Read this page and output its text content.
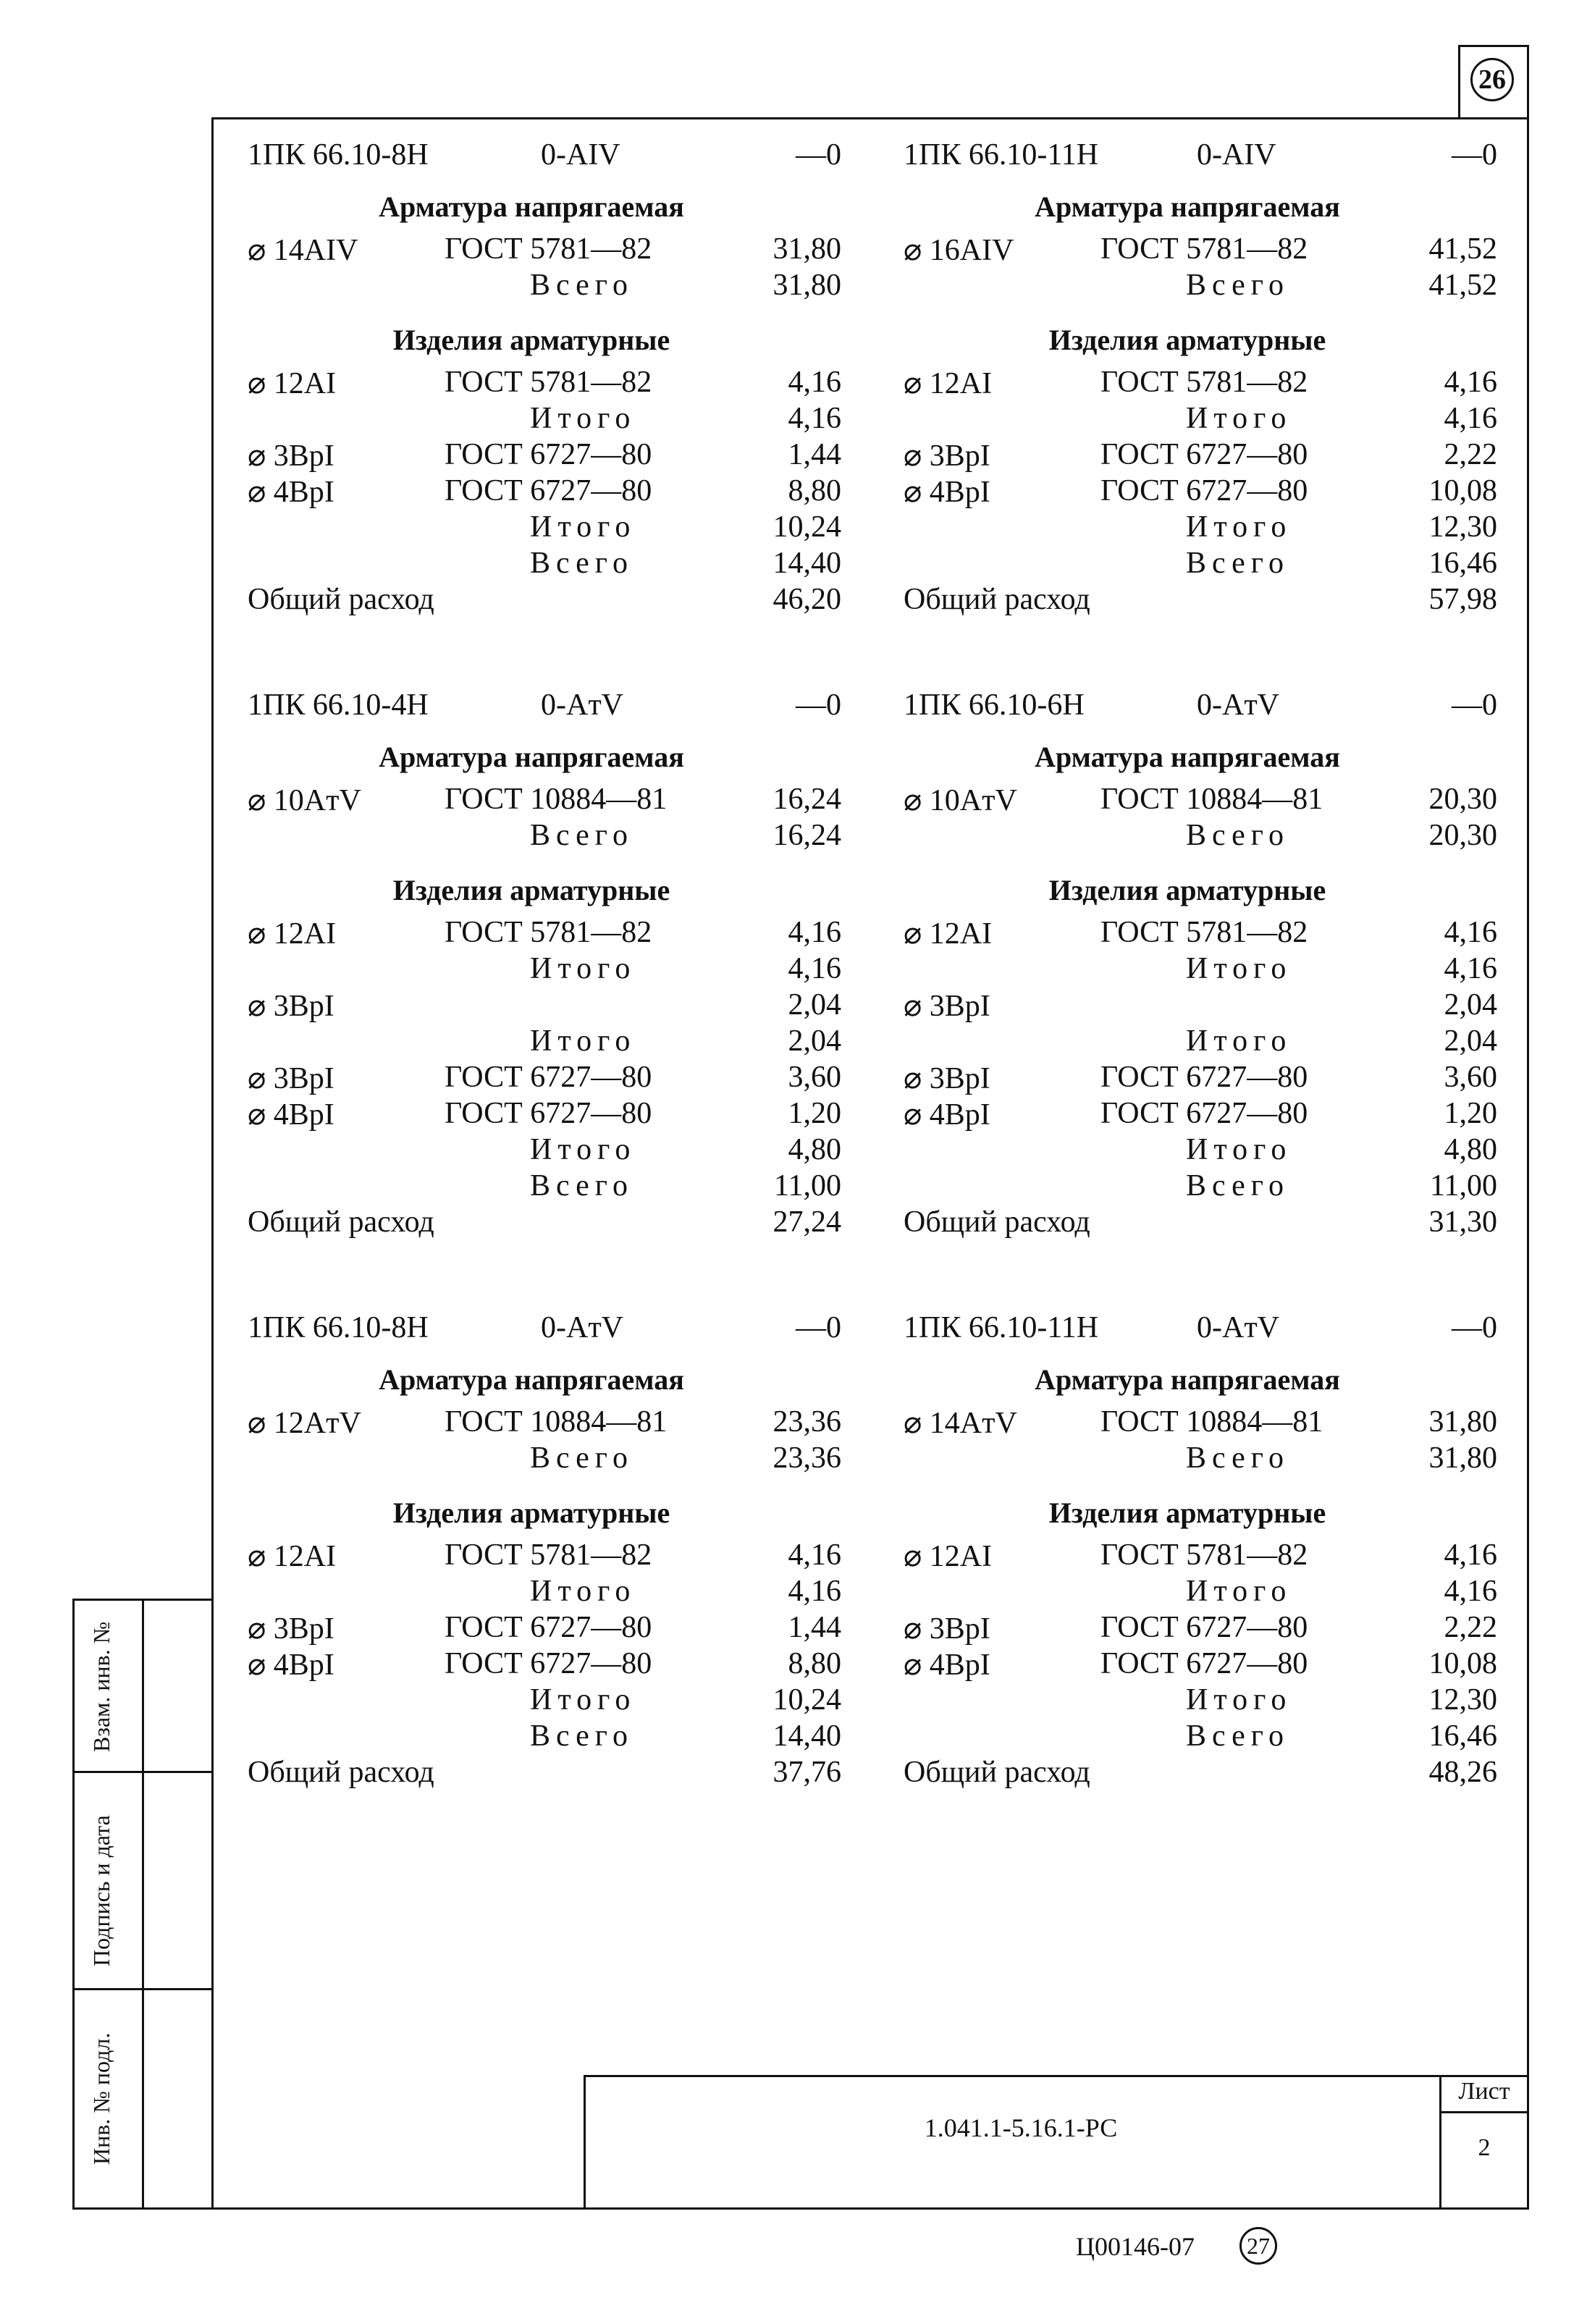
26
Взам. инв. №
Подпись и дата
Инв. № подл.	Лист
2
1.041.1-5.16.1-РС
Ц00146-07	27
1ПК 66.10-8Н	0-AIV	—0
Арматура напрягаемая
⌀ 14AIV	ГОСТ 5781—82	31,80
Всего	31,80
Изделия арматурные
⌀ 12AI	ГОСТ 5781—82	4,16
Итого	4,16
⌀ 3BpI	ГОСТ 6727—80	1,44
⌀ 4BpI	ГОСТ 6727—80	8,80
Итого	10,24
Всего	14,40
Общий расход	46,20
1ПК 66.10-11Н	0-AIV	—0
Арматура напрягаемая
⌀ 16AIV	ГОСТ 5781—82	41,52
Всего	41,52
Изделия арматурные
⌀ 12AI	ГОСТ 5781—82	4,16
Итого	4,16
⌀ 3BpI	ГОСТ 6727—80	2,22
⌀ 4BpI	ГОСТ 6727—80	10,08
Итого	12,30
Всего	16,46
Общий расход	57,98
1ПК 66.10-4Н	0-AтV	—0
Арматура напрягаемая
⌀ 10AтV	ГОСТ 10884—81	16,24
Всего	16,24
Изделия арматурные
⌀ 12AI	ГОСТ 5781—82	4,16
Итого	4,16
⌀ 3BpI	2,04
Итого	2,04
⌀ 3BpI	ГОСТ 6727—80	3,60
⌀ 4BpI	ГОСТ 6727—80	1,20
Итого	4,80
Всего	11,00
Общий расход	27,24
1ПК 66.10-6Н	0-AтV	—0
Арматура напрягаемая
⌀ 10AтV	ГОСТ 10884—81	20,30
Всего	20,30
Изделия арматурные
⌀ 12AI	ГОСТ 5781—82	4,16
Итого	4,16
⌀ 3BpI	2,04
Итого	2,04
⌀ 3BpI	ГОСТ 6727—80	3,60
⌀ 4BpI	ГОСТ 6727—80	1,20
Итого	4,80
Всего	11,00
Общий расход	31,30
1ПК 66.10-8Н	0-AтV	—0
Арматура напрягаемая
⌀ 12AтV	ГОСТ 10884—81	23,36
Всего	23,36
Изделия арматурные
⌀ 12AI	ГОСТ 5781—82	4,16
Итого	4,16
⌀ 3BpI	ГОСТ 6727—80	1,44
⌀ 4BpI	ГОСТ 6727—80	8,80
Итого	10,24
Всего	14,40
Общий расход	37,76
1ПК 66.10-11Н	0-AтV	—0
Арматура напрягаемая
⌀ 14AтV	ГОСТ 10884—81	31,80
Всего	31,80
Изделия арматурные
⌀ 12AI	ГОСТ 5781—82	4,16
Итого	4,16
⌀ 3BpI	ГОСТ 6727—80	2,22
⌀ 4BpI	ГОСТ 6727—80	10,08
Итого	12,30
Всего	16,46
Общий расход	48,26
